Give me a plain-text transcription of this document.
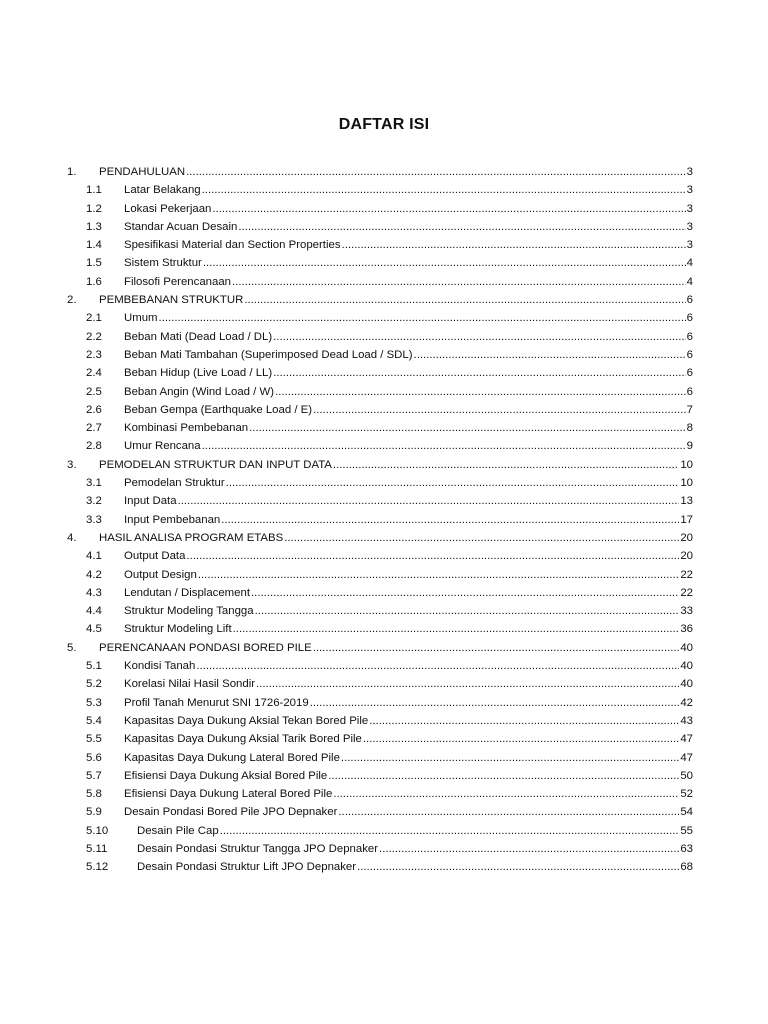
DAFTAR ISI
1. PENDAHULUAN .....	3
1.1 Latar Belakang .....	3
1.2 Lokasi Pekerjaan .....	3
1.3 Standar Acuan Desain .....	3
1.4 Spesifikasi Material dan Section Properties .....	3
1.5 Sistem Struktur .....	4
1.6 Filosofi Perencanaan .....	4
2. PEMBEBANAN STRUKTUR .....	6
2.1 Umum .....	6
2.2 Beban Mati (Dead Load / DL) .....	6
2.3 Beban Mati Tambahan (Superimposed Dead Load / SDL) .....	6
2.4 Beban Hidup (Live Load / LL) .....	6
2.5 Beban Angin (Wind Load / W) .....	6
2.6 Beban Gempa (Earthquake Load / E) .....	7
2.7 Kombinasi Pembebanan .....	8
2.8 Umur Rencana .....	9
3. PEMODELAN STRUKTUR DAN INPUT DATA .....	10
3.1 Pemodelan Struktur .....	10
3.2 Input Data .....	13
3.3 Input Pembebanan .....	17
4. HASIL ANALISA PROGRAM ETABS .....	20
4.1 Output Data .....	20
4.2 Output Design .....	22
4.3 Lendutan / Displacement .....	22
4.4 Struktur Modeling Tangga .....	33
4.5 Struktur Modeling Lift .....	36
5. PERENCANAAN PONDASI BORED PILE .....	40
5.1 Kondisi Tanah .....	40
5.2 Korelasi Nilai Hasil Sondir .....	40
5.3 Profil Tanah Menurut SNI 1726-2019 .....	42
5.4 Kapasitas Daya Dukung Aksial Tekan Bored Pile .....	43
5.5 Kapasitas Daya Dukung Aksial Tarik Bored Pile .....	47
5.6 Kapasitas Daya Dukung Lateral Bored Pile .....	47
5.7 Efisiensi Daya Dukung Aksial Bored Pile .....	50
5.8 Efisiensi Daya Dukung Lateral Bored Pile .....	52
5.9 Desain Pondasi Bored Pile JPO Depnaker .....	54
5.10	Desain Pile Cap .....	55
5.11	Desain Pondasi Struktur Tangga JPO Depnaker .....	63
5.12	Desain Pondasi Struktur Lift JPO Depnaker .....	68
